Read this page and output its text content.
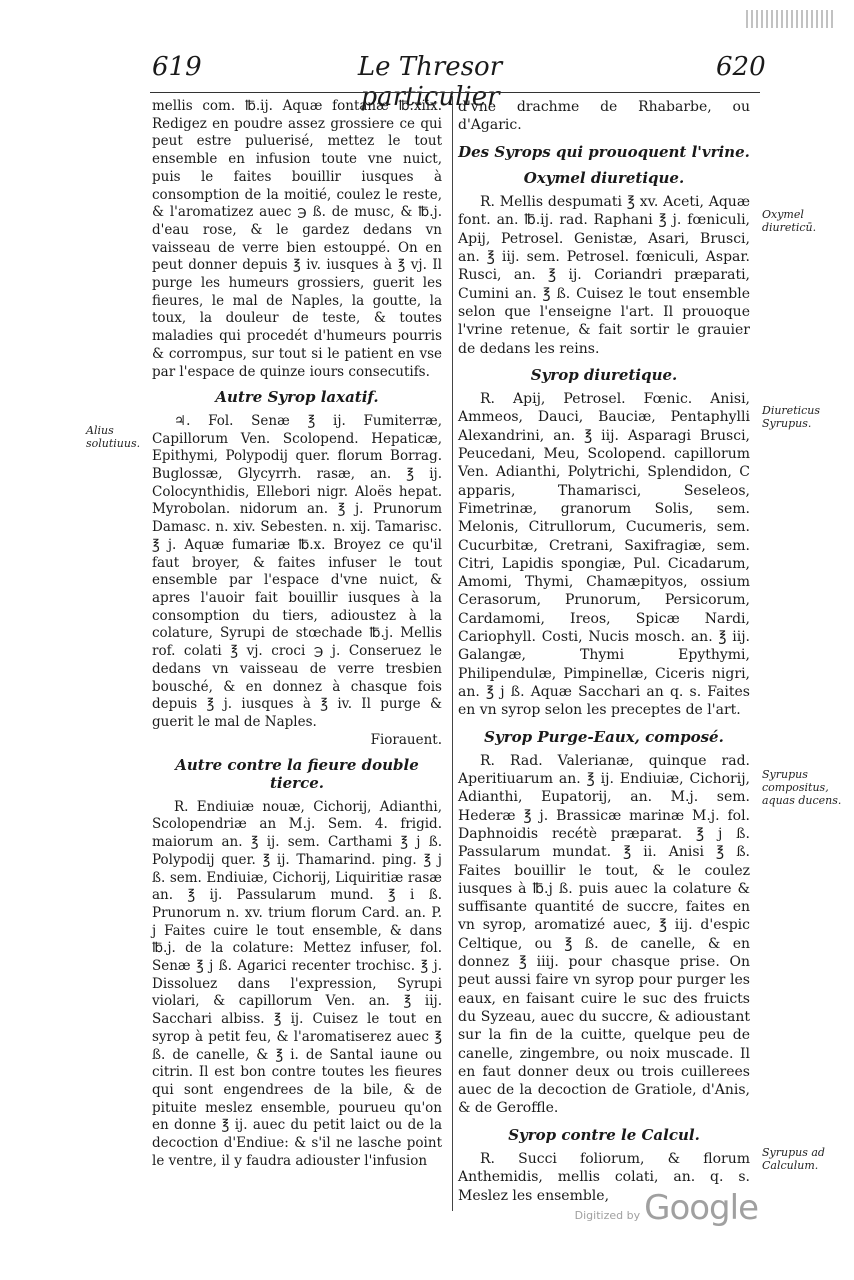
619	Le Thresor particulier
620

mellis com. ℔.ij. Aquæ fontanæ ℔.xiix. Redigez en poudre assez grossiere ce qui peut estre puluerisé, mettez le tout ensemble en infusion toute vne nuict, puis le faites bouillir iusques à consomption de la moitié, coulez le reste, & l'aromatizez auec ℈ ß. de musc, & ℔.j. d'eau rose, & le gardez dedans vn vaisseau de verre bien estouppé. On en peut donner depuis ℥ iv. iusques à ℥ vj. Il purge les humeurs grossiers, guerit les fieures, le mal de Naples, la goutte, la toux, la douleur de teste, & toutes maladies qui procedét d'humeurs pourris & corrompus, sur tout si le patient en vse par l'espace de quinze iours consecutifs.

Autre Syrop laxatif.

♃. Fol. Senæ ℥ ij. Fumiterræ, Capillorum Ven. Scolopend. Hepaticæ, Epithymi, Polypodij quer. florum Borrag. Buglossæ, Glycyrrh. rasæ, an. ℥ ij. Colocynthidis, Ellebori nigr. Aloës hepat. Myrobolan. nidorum an. ℥ j. Prunorum Damasc. n. xiv. Sebesten. n. xij. Tamarisc. ℥ j. Aquæ fumariæ ℔.x. Broyez ce qu'il faut broyer, & faites infuser le tout ensemble par l'espace d'vne nuict, & apres l'auoir fait bouillir iusques à la consomption du tiers, adioustez à la colature, Syrupi de stœchade ℔.j. Mellis rof. colati ℥ vj. croci ℈ j. Conseruez le dedans vn vaisseau de verre tresbien bousché, & en donnez à chasque fois depuis ℥ j. iusques à ℥ iv. Il purge & guerit le mal de Naples.

Fiorauent.

Autre contre la fieure double tierce.

R. Endiuiæ nouæ, Cichorij, Adianthi, Scolopendriæ an M.j. Sem. 4. frigid. maiorum an. ℥ ij. sem. Carthami ℥ j ß. Polypodij quer. ℥ ij. Thamarind. ping. ℥ j ß. sem. Endiuiæ, Cichorij, Liquiritiæ rasæ an. ℥ ij. Passularum mund. ℥ i ß. Prunorum n. xv. trium florum Card. an. P. j Faites cuire le tout ensemble, & dans ℔.j. de la colature: Mettez infuser, fol. Senæ ℥ j ß. Agarici recenter trochisc. ℥ j. Dissoluez dans l'expression, Syrupi violari, & capillorum Ven. an. ℥ iij. Sacchari albiss. ℥ ij. Cuisez le tout en syrop à petit feu, & l'aromatiserez auec ℥ ß. de canelle, & ℥ i. de Santal iaune ou citrin. Il est bon contre toutes les fieures qui sont engendrees de la bile, & de pituite meslez ensemble, pourueu qu'on en donne ℥ ij. auec du petit laict ou de la decoction d'Endiue: & s'il ne lasche point le ventre, il y faudra adiouster l'infusion

d'vne drachme de Rhabarbe, ou d'Agaric.

Des Syrops qui prouoquent l'vrine.

Oxymel diuretique.

R. Mellis despumati ℥ xv. Aceti, Aquæ font. an. ℔.ij. rad. Raphani ℥ j. fœniculi, Apij, Petrosel. Genistæ, Asari, Brusci, an. ℥ iij. sem. Petrosel. fœniculi, Aspar. Rusci, an. ℥ ij. Coriandri præparati, Cumini an. ℥ ß. Cuisez le tout ensemble selon que l'enseigne l'art. Il prouoque l'vrine retenue, & fait sortir le grauier de dedans les reins.

Syrop diuretique.

R. Apij, Petrosel. Fœnic. Anisi, Ammeos, Dauci, Bauciæ, Pentaphylli Alexandrini, an. ℥ iij. Asparagi Brusci, Peucedani, Meu, Scolopend. capillorum Ven. Adianthi, Polytrichi, Splendidon, C apparis, Thamarisci, Seseleos, Fimetrinæ, granorum Solis, sem. Melonis, Citrullorum, Cucumeris, sem. Cucurbitæ, Cretrani, Saxifragiæ, sem. Citri, Lapidis spongiæ, Pul. Cicadarum, Amomi, Thymi, Chamæpityos, ossium Cerasorum, Prunorum, Persicorum, Cardamomi, Ireos, Spicæ Nardi, Cariophyll. Costi, Nucis mosch. an. ℥ iij. Galangæ, Thymi Epythymi, Philipendulæ, Pimpinellæ, Ciceris nigri, an. ℥ j ß. Aquæ Sacchari an q. s. Faites en vn syrop selon les preceptes de l'art.

Syrop Purge-Eaux, composé.

R. Rad. Valerianæ, quinque rad. Aperitiuarum an. ℥ ij. Endiuiæ, Cichorij, Adianthi, Eupatorij, an. M.j. sem. Hederæ ℥ j. Brassicæ marinæ M.j. fol. Daphnoidis recétè præparat. ℥ j ß. Passularum mundat. ℥ ii. Anisi ℥ ß. Faites bouillir le tout, & le coulez iusques à ℔.j ß. puis auec la colature & suffisante quantité de succre, faites en vn syrop, aromatizé auec, ℥ iij. d'espic Celtique, ou ℥ ß. de canelle, & en donnez ℥ iiij. pour chasque prise. On peut aussi faire vn syrop pour purger les eaux, en faisant cuire le suc des fruicts du Syzeau, auec du succre, & adioustant sur la fin de la cuitte, quelque peu de canelle, zingembre, ou noix muscade. Il en faut donner deux ou trois cuillerees auec de la decoction de Gratiole, d'Anis, & de Geroffle.

Syrop contre le Calcul.

R. Succi foliorum, & florum Anthemidis, mellis colati, an. q. s. Meslez les ensemble,

Alius solutiuus.
Oxymel diureticū.
Diureticus Syrupus.
Syrupus compositus, aquas ducens.
Syrupus ad Calculum.
Digitized by Google
